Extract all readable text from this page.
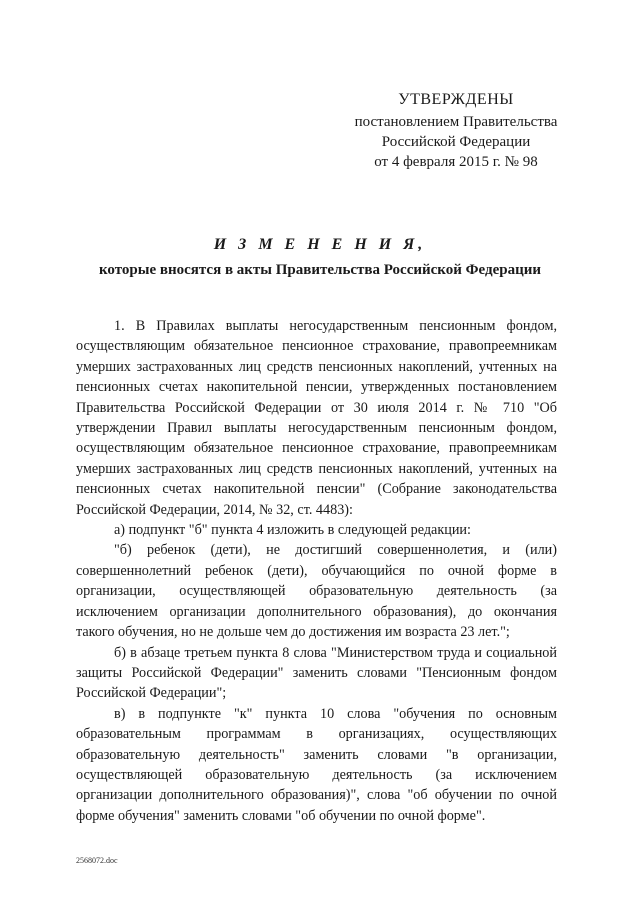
УТВЕРЖДЕНЫ
постановлением Правительства
Российской Федерации
от 4 февраля 2015 г. № 98
И З М Е Н Е Н И Я,
которые вносятся в акты Правительства Российской Федерации

1. В Правилах выплаты негосударственным пенсионным фондом, осуществляющим обязательное пенсионное страхование, правопреемникам умерших застрахованных лиц средств пенсионных накоплений, учтенных на пенсионных счетах накопительной пенсии, утвержденных постановлением Правительства Российской Федерации от 30 июля 2014 г. № 710 "Об утверждении Правил выплаты негосударственным пенсионным фондом, осуществляющим обязательное пенсионное страхование, правопреемникам умерших застрахованных лиц средств пенсионных накоплений, учтенных на пенсионных счетах накопительной пенсии" (Собрание законодательства Российской Федерации, 2014, № 32, ст. 4483):

а) подпункт "б" пункта 4 изложить в следующей редакции:

"б) ребенок (дети), не достигший совершеннолетия, и (или) совершеннолетний ребенок (дети), обучающийся по очной форме в организации, осуществляющей образовательную деятельность (за исключением организации дополнительного образования), до окончания такого обучения, но не дольше чем до достижения им возраста 23 лет.";

б) в абзаце третьем пункта 8 слова "Министерством труда и социальной защиты Российской Федерации" заменить словами "Пенсионным фондом Российской Федерации";

в) в подпункте "к" пункта 10 слова "обучения по основным образовательным программам в организациях, осуществляющих образовательную деятельность" заменить словами "в организации, осуществляющей образовательную деятельность (за исключением организации дополнительного образования)", слова "об обучении по очной форме обучения" заменить словами "об обучении по очной форме".

2568072.doc
